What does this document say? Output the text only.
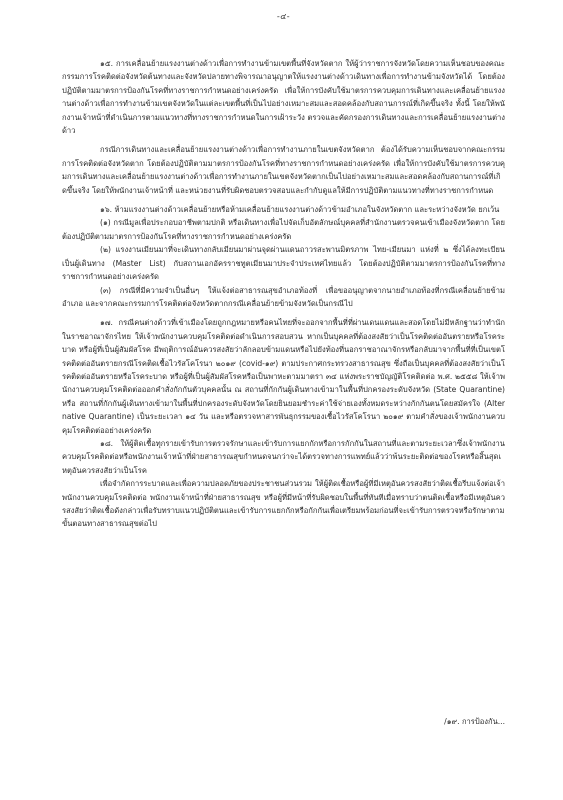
-๔-

๑๕. การเคลื่อนย้ายแรงงานต่างด้าวเพื่อการทำงานข้ามเขตพื้นที่จังหวัดตาก ให้ผู้ว่าราชการจังหวัดโดยความเห็นชอบของคณะกรรมการโรคติดต่อจังหวัดต้นทางและจังหวัดปลายทางพิจารณาอนุญาตให้แรงงานต่างด้าวเดินทางเพื่อการทำงานข้ามจังหวัดได้ โดยต้องปฏิบัติตามมาตรการป้องกันโรคที่ทางราชการกำหนดอย่างเคร่งครัด เพื่อให้การบังคับใช้มาตรการควบคุมการเดินทางและเคลื่อนย้ายแรงงานต่างด้าวเพื่อการทำงานข้ามเขตจังหวัดในแต่ละเขตพื้นที่เป็นไปอย่างเหมาะสมและสอดคล้องกับสถานการณ์ที่เกิดขึ้นจริง ทั้งนี้ โดยให้พนักงานเจ้าหน้าที่ดำเนินการตามแนวทางที่ทางราชการกำหนดในการเฝ้าระวัง ตรวจและคัดกรองการเดินทางและการเคลื่อนย้ายแรงงานต่างด้าว

กรณีการเดินทางและเคลื่อนย้ายแรงงานต่างด้าวเพื่อการทำงานภายในเขตจังหวัดตาก ต้องได้รับความเห็นชอบจากคณะกรรมการโรคติดต่อจังหวัดตาก โดยต้องปฏิบัติตามมาตรการป้องกันโรคที่ทางราชการกำหนดอย่างเคร่งครัด เพื่อให้การบังคับใช้มาตรการควบคุมการเดินทางและเคลื่อนย้ายแรงงานต่างด้าวเพื่อการทำงานภายในเขตจังหวัดตากเป็นไปอย่างเหมาะสมและสอดคล้องกับสถานการณ์ที่เกิดขึ้นจริง โดยให้พนักงานเจ้าหน้าที่ และหน่วยงานที่รับผิดชอบตรวจสอบและกำกับดูแลให้มีการปฏิบัติตามแนวทางที่ทางราชการกำหนด

๑๖. ห้ามแรงงานต่างด้าวเคลื่อนย้ายหรือห้ามเคลื่อนย้ายแรงงานต่างด้าวข้ามอำเภอในจังหวัดตาก และระหว่างจังหวัด ยกเว้น

(๑) กรณีมูลเพื่อประกอบอาชีพตามปกติ หรือเดินทางเพื่อไปจัดเก็บอัตลักษณ์บุคคลที่สำนักงานตรวจคนเข้าเมืองจังหวัดตาก โดยต้องปฏิบัติตามมาตรการป้องกันโรคที่ทางราชการกำหนดอย่างเคร่งครัด

(๒) แรงงานเมียนมาที่จะเดินทางกลับเมียนมาผ่านจุดผ่านแดนถาวรสะพานมิตรภาพ ไทย-เมียนมา แห่งที่ ๒ ซึ่งได้ลงทะเบียนเป็นผู้เดินทาง (Master List) กับสถานเอกอัครราชทูตเมียนมาประจำประเทศไทยแล้ว โดยต้องปฏิบัติตามมาตรการป้องกันโรคที่ทางราชการกำหนดอย่างเคร่งครัด

(๓) กรณีที่มีความจำเป็นอื่นๆ ให้แจ้งต่อสาธารณสุขอำเภอท้องที่ เพื่อขออนุญาตจากนายอำเภอท้องที่กรณีเคลื่อนย้ายข้ามอำเภอ และจากคณะกรรมการโรคติดต่อจังหวัดตากกรณีเคลื่อนย้ายข้ามจังหวัดเป็นกรณีไป

๑๗. กรณีคนต่างด้าวที่เข้าเมืองโดยถูกกฎหมายหรือคนไทยที่จะออกจากพื้นที่ที่ผ่านเดนแดนและสอดโดยไม่มีหลักฐานว่าทำนักในราชอาณาจักรไทย ให้เจ้าพนักงานควบคุมโรคติดต่อดำเนินการสอบสวน หากเป็นบุคคลที่ต้องสงสัยว่าเป็นโรคติดต่ออันตรายหรือโรคระบาด หรือผู้ที่เป็นผู้สัมผัสโรค มีพฤติการณ์อันควรสงสัยว่าลักลอบข้ามแดนหรือไปยังท้องที่นอกราชอาณาจักรหรือกลับมาจากพื้นที่ที่เป็นเขตโรคติดต่ออันตรายกรณีโรคติดเชื้อไวรัสโคโรนา ๒๐๑๙ (covid-๑๙) ตามประกาศกระทรวงสาธารณสุข ซึ่งถือเป็นบุคคลที่ต้องสงสัยว่าเป็นโรคติดต่ออันตรายหรือโรคระบาด หรือผู้ที่เป็นผู้สัมผัสโรคหรือเป็นพาหะตามมาตรา ๓๔ แห่งพระราชบัญญัติโรคติดต่อ พ.ศ. ๒๕๕๘ ให้เจ้าพนักงานควบคุมโรคติดต่อออกคำสั่งกักกันตัวบุคคลนั้น ณ สถานที่กักกันผู้เดินทางเข้ามาในพื้นที่ปกครองระดับจังหวัด (State Quarantine) หรือ สถานที่กักกันผู้เดินทางเข้ามาในพื้นที่ปกครองระดับจังหวัดโดยยินยอมชำระค่าใช้จ่ายเองทั้งหมดระหว่างกักกันตนโดยสมัครใจ (Alternative Quarantine) เป็นระยะเวลา ๑๔ วัน และหรือตรวจหาสารพันธุกรรมของเชื้อไวรัสโคโรนา ๒๐๑๙ ตามคำสั่งของเจ้าพนักงานควบคุมโรคติดต่ออย่างเคร่งครัด

๑๘. ให้ผู้ติดเชื้อทุกรายเข้ารับการตรวจรักษาและเข้ารับการแยกกักหรือการกักกันในสถานที่และตามระยะเวลาซึ่งเจ้าพนักงานควบคุมโรคติดต่อหรือพนักงานเจ้าหน้าที่ฝ่ายสาธารณสุขกำหนดจนกว่าจะได้ตรวจทางการแพทย์แล้วว่าพ้นระยะติดต่อของโรคหรือสิ้นสุดเหตุอันควรสงสัยว่าเป็นโรค

เพื่อจำกัดการระบาดและเพื่อความปลอดภัยของประชาชนส่วนรวม ให้ผู้ติดเชื้อหรือผู้ที่มีเหตุอันควรสงสัยว่าติดเชื้อรีบแจ้งต่อเจ้าพนักงานควบคุมโรคติดต่อ พนักงานเจ้าหน้าที่ฝ่ายสาธารณสุข หรือผู้ที่มีหน้าที่รับผิดชอบในพื้นที่ทันทีเมื่อทราบว่าตนติดเชื้อหรือมีเหตุอันควรสงสัยว่าติดเชื้อดังกล่าวเพื่อรับทราบแนวปฏิบัติตนและเข้ารับการแยกกักหรือกักกันเพื่อเตรียมพร้อมก่อนที่จะเข้ารับการตรวจหรือรักษาตามขั้นตอนทางสาธารณสุขต่อไป

/๑๙. การป้องกัน...
